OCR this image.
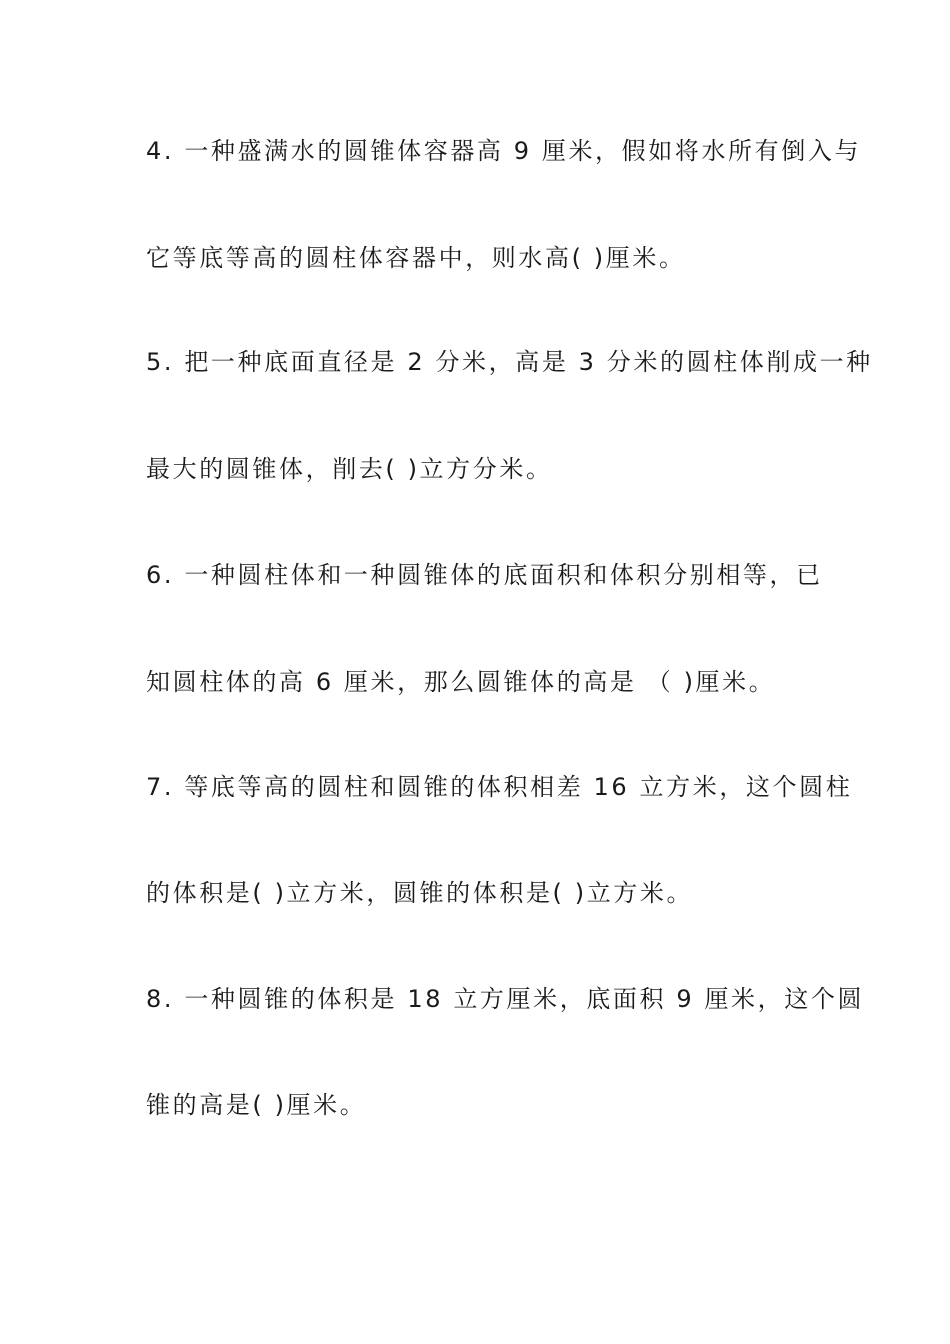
4. 一种盛满水的圆锥体容器高 9 厘米，假如将水所有倒入与
它等底等高的圆柱体容器中，则水高( )厘米。
5. 把一种底面直径是 2 分米，高是 3 分米的圆柱体削成一种
最大的圆锥体，削去( )立方分米。
6. 一种圆柱体和一种圆锥体的底面积和体积分别相等，已
知圆柱体的高 6 厘米，那么圆锥体的高是 （ )厘米。
7. 等底等高的圆柱和圆锥的体积相差 16 立方米，这个圆柱
的体积是( )立方米，圆锥的体积是( )立方米。
8. 一种圆锥的体积是 18 立方厘米，底面积 9 厘米，这个圆
锥的高是( )厘米。
